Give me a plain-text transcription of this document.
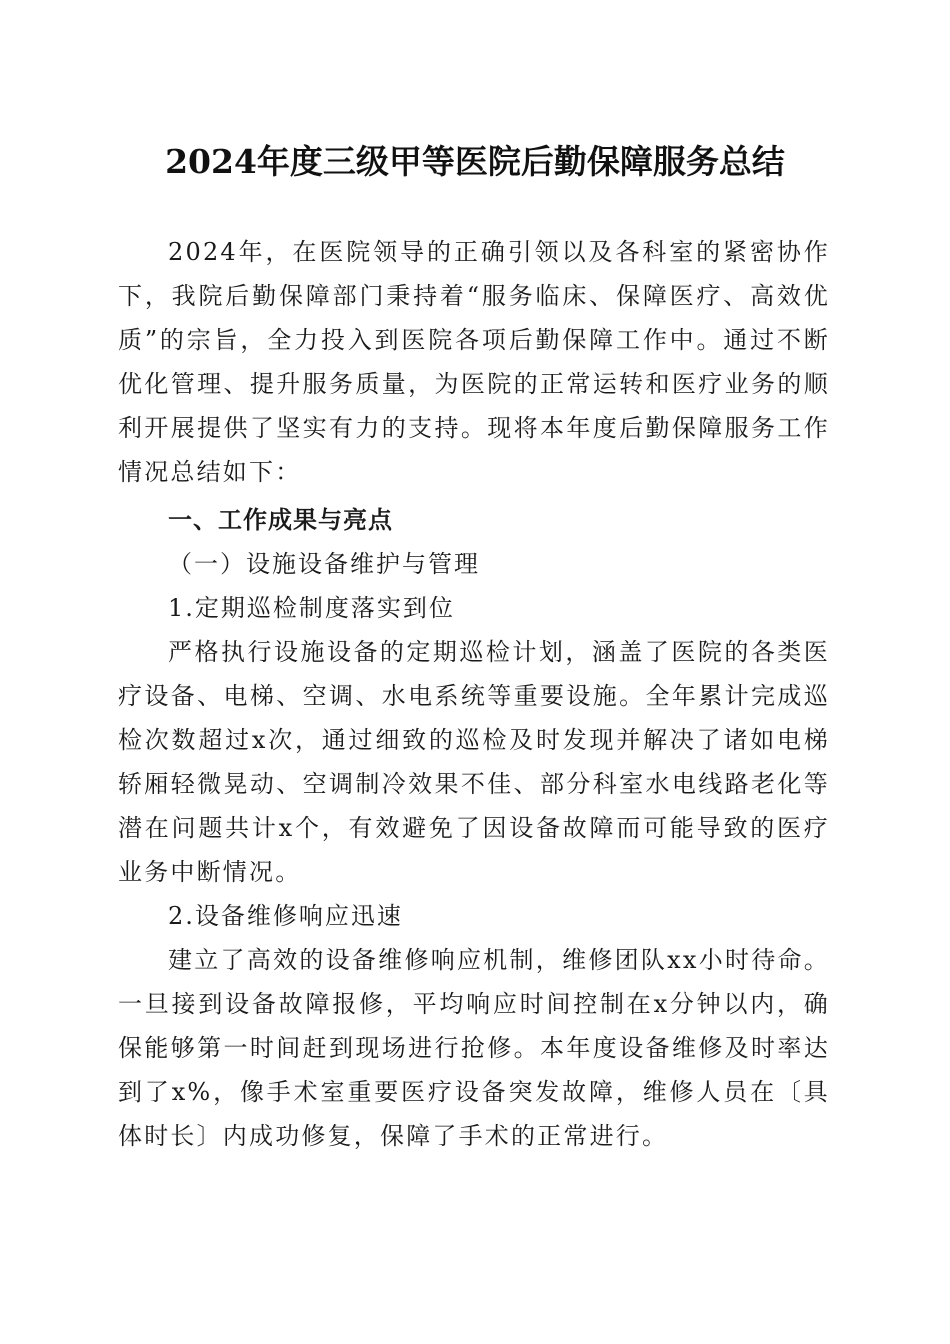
2024年度三级甲等医院后勤保障服务总结

2024年，在医院领导的正确引领以及各科室的紧密协作下，我院后勤保障部门秉持着“服务临床、保障医疗、高效优质”的宗旨，全力投入到医院各项后勤保障工作中。通过不断优化管理、提升服务质量，为医院的正常运转和医疗业务的顺利开展提供了坚实有力的支持。现将本年度后勤保障服务工作情况总结如下：

一、工作成果与亮点

（一）设施设备维护与管理

1.定期巡检制度落实到位

严格执行设施设备的定期巡检计划，涵盖了医院的各类医疗设备、电梯、空调、水电系统等重要设施。全年累计完成巡检次数超过x次，通过细致的巡检及时发现并解决了诸如电梯轿厢轻微晃动、空调制冷效果不佳、部分科室水电线路老化等潜在问题共计x个，有效避免了因设备故障而可能导致的医疗业务中断情况。

2.设备维修响应迅速

建立了高效的设备维修响应机制，维修团队xx小时待命。一旦接到设备故障报修，平均响应时间控制在x分钟以内，确保能够第一时间赶到现场进行抢修。本年度设备维修及时率达到了x%，像手术室重要医疗设备突发故障，维修人员在〔具体时长〕内成功修复，保障了手术的正常进行。
